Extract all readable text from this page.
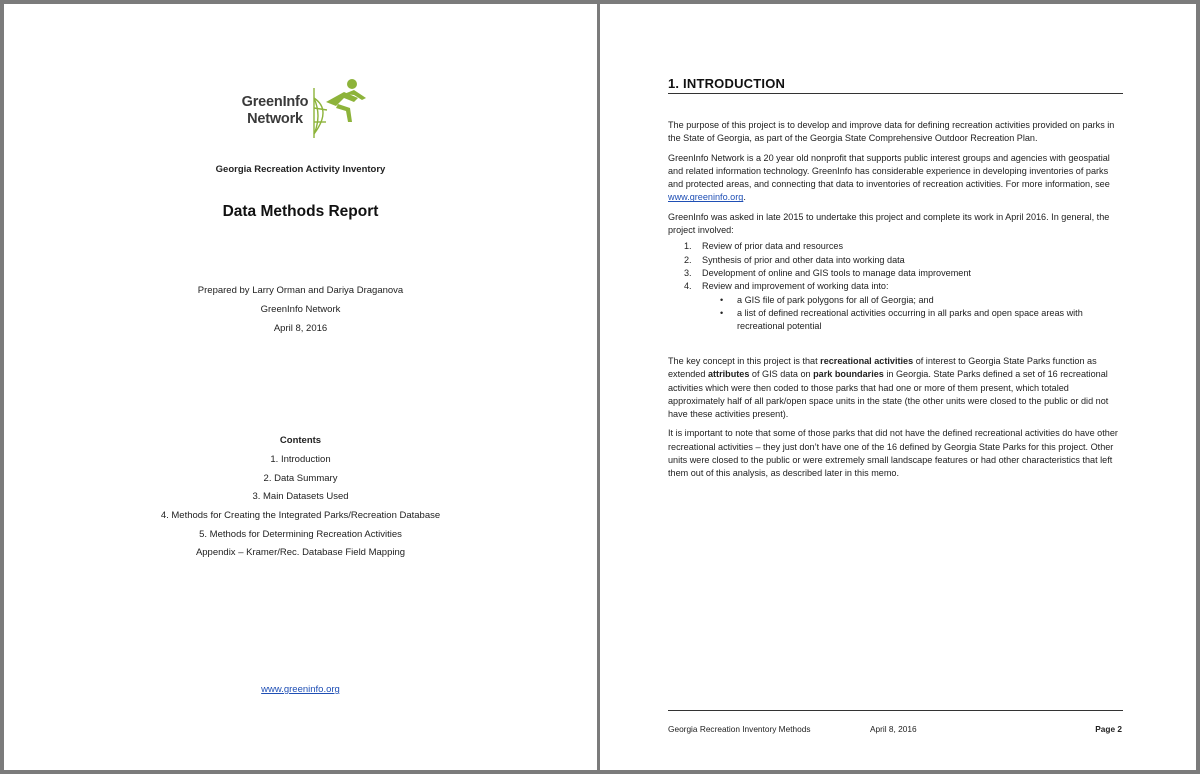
GreenInfo
Network
Georgia Recreation Activity Inventory
Data Methods Report
Prepared by Larry Orman and Dariya Draganova
GreenInfo Network
April 8, 2016
Contents
1. Introduction
2. Data Summary
3. Main Datasets Used
4. Methods for Creating the Integrated Parks/Recreation Database
5. Methods for Determining Recreation Activities
Appendix – Kramer/Rec. Database Field Mapping
www.greeninfo.org
1. INTRODUCTION

The purpose of this project is to develop and improve data for defining recreation activities provided on parks in the State of Georgia, as part of the Georgia State Comprehensive Outdoor Recreation Plan.

GreenInfo Network is a 20 year old nonprofit that supports public interest groups and agencies with geospatial and related information technology. GreenInfo has considerable experience in developing inventories of parks and protected areas, and connecting that data to inventories of recreation activities. For more information, see www.greeninfo.org.

GreenInfo was asked in late 2015 to undertake this project and complete its work in April 2016. In general, the project involved:

1. Review of prior data and resources
2. Synthesis of prior and other data into working data
3. Development of online and GIS tools to manage data improvement
4. Review and improvement of working data into:
• a GIS file of park polygons for all of Georgia; and
• a list of defined recreational activities occurring in all parks and open space areas with recreational potential

The key concept in this project is that recreational activities of interest to Georgia State Parks function as extended attributes of GIS data on park boundaries in Georgia. State Parks defined a set of 16 recreational activities which were then coded to those parks that had one or more of them present, which totaled approximately half of all park/open space units in the state (the other units were closed to the public or did not have these activities present).

It is important to note that some of those parks that did not have the defined recreational activities do have other recreational activities – they just don’t have one of the 16 defined by Georgia State Parks for this project. Other units were closed to the public or were extremely small landscape features or had other characteristics that left them out of this analysis, as described later in this memo.

Georgia Recreation Inventory Methods	April 8, 2016	Page 2
